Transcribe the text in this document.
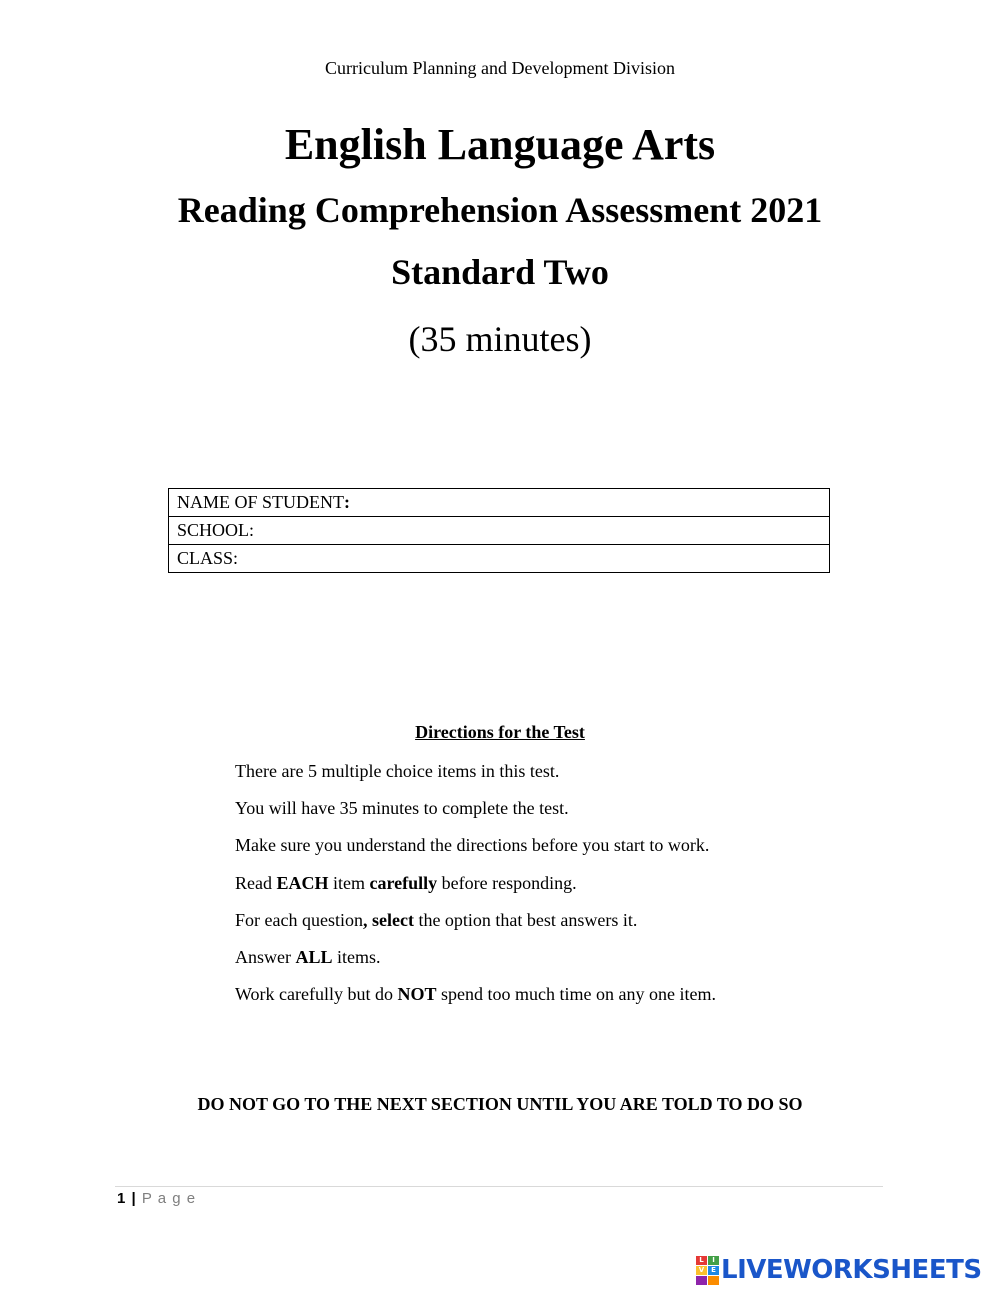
Curriculum Planning and Development Division
English Language Arts
Reading Comprehension Assessment 2021
Standard Two
(35 minutes)
NAME OF STUDENT:
SCHOOL:
CLASS:
Directions for the Test
There are 5 multiple choice items in this test.
You will have 35 minutes to complete the test.
Make sure you understand the directions before you start to work.
Read EACH item carefully before responding.
For each question, select the option that best answers it.
Answer ALL items.
Work carefully but do NOT spend too much time on any one item.
DO NOT GO TO THE NEXT SECTION UNTIL YOU ARE TOLD TO DO SO
1 | P a g e
L	I
V E LIVEWORKSHEETS
